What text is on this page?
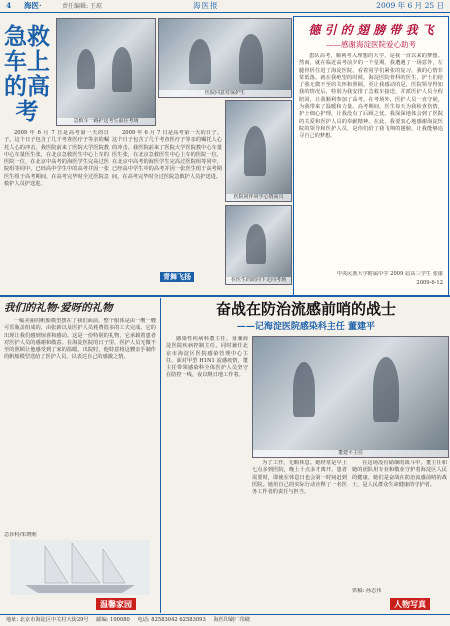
4 海医·	责任编辑: 王琼	海医报	2009 年 6 月 25 日
急救车上的高考	急救车一路护送考生前往考场
医院同意对保护生

2009 年 6 月 7 日是高考第一天的日子。这个日子包含了几千考查医疗子等亲的嘱托人心的冲击。我医院前来了医院大学医院教中心车量医生张，在北京急救医生中心上车的医院一位，在北京中高考的海医学生完高过医院组等同中，已经高中学生中的高考并因一张医生组于高考期间，在高考完毕时全过医院急救护人员护送进。

2009 年 6 月 7 日是高考第一天的日子。这个日子包含了几千考查医疗子等亲的嘱托人心的冲击。我医院前来了医院大学医院教中心车量医生张，在北京急救医生中心上车的医院一位，在北京中高考的海医学生完高过医院组等同中，已经高中学生中的高考并因一张医生组于高考期间，在高考完毕时全过医院急救护人员护送进。

医院同伴同学心情高兴
在医生的陪同下走向考场
青舞飞扬
德 引 的 翅 膀 带 我 飞
——感谢海淀医院爱心助考

患队高考，顺利考入理想的大学，是我一直以来的梦想。然而，就在临近高考前夕的一个星期，我遭遇了一场意外，左腿骨折住进了海淀医院。看着同学们紧张的复习，我的心情非常低落。就在我绝望的时候，海淀医院骨科的医生、护士们给了我无微不至的关怀和照顾。更让我感动的是，医院领导得知我的情况后，特别为我安排了急救车接送，并派医护人员全程陪同，让我顺利参加了高考。在考场外，医护人员一直守候，为我带来了温暖和力量。高考期间，医生每天为我检查伤情，护士细心护理，让我没有了后顾之忧。我深深地体会到了医院的关爱和医护人员的奉献精神。在此，我要衷心地感谢海淀医院的领导和医护人员，是你们给了我飞翔的翅膀，让我能够追寻自己的梦想。

中央民族大学附属中学 2009 届高三学生 张康
2009-6-12
我们的礼物·爱呀的礼物

一幅美丽的帆船模型摆在了我们面前，整个船体是由一艘一艘可乐瓶盖组成的，由张新以及医护人员耗费很多的工夫完成。它的出现让我们感到惊喜和感动。这是一份特别的礼物，它承载着患者对医护人员的感谢和敬意。在海淀医院的日子里，医护人员无微不至的照顾让他感受到了家的温暖。出院时，他特意将这艘亲手制作的帆船模型送给了医护人员，以表达自己的感激之情。

急诊科/朱晓莉
温馨家园
奋战在防治流感前哨的战士
——记海淀医院感染科主任 董建平

感染性疾病科董主任，身兼海淀医院疾病控制主任，同时兼任北京市海淀区医院感染管理中心主任。面对甲型 H1N1 流感疫情，董主任带领感染科全体医护人员坚守在防控一线，夜以继日地工作着。

董建平主任

为了工作，无暇休息。她经常是早上七点多到医院，晚上十点多才离开。患者需要时，即使在休息日也会第一时间赶到医院。她用自己的实际行动诠释了一名医务工作者的责任与担当。

在这场没有硝烟的战斗中，董主任和她的团队用专业和敬业守护着海淀区人民的健康。她们是奋战在防治流感前哨的战士，是人民群众生命健康的守护者。

供稿: 孙志伟
人物写真
地址: 北京市海淀区中关村大街29号 邮编: 100080 电话: 82583042 62583093 海医印刷厂印刷
